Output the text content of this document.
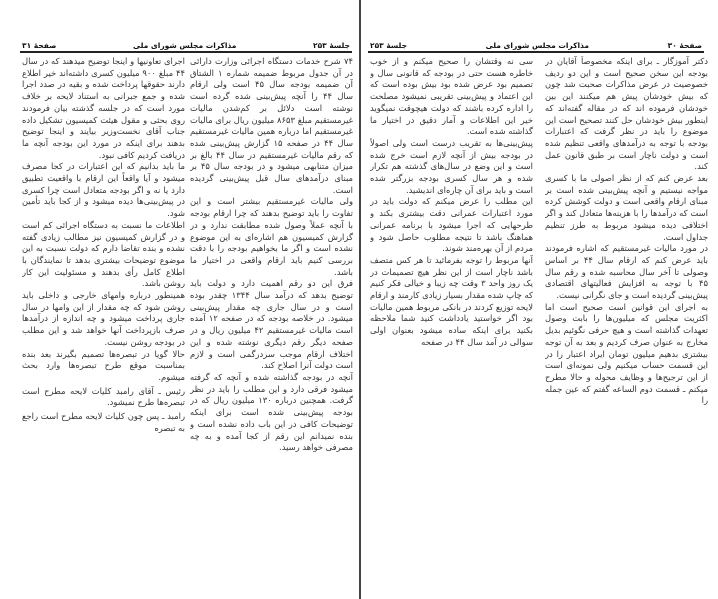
جلسهٔ ۲۵۳
مذاکرات مجلس شورای ملی
صفحهٔ ۳۱

۷۴ شرح خدمات دستگاه اجرائی وزارت دارائی در آن جدول مربوط ضمیمه شماره ۱ الشتاق آن ضمیمه بودجه سال ۴۵ است ولی ارقام سال ۴۴ را آنچه پیش‌بینی شده گرده است نوشته است دلائل بر کم‌شدن مالیات غیرمستقیم مبلغ ۸۶۵۳ میلیون ریال برای مالیات غیرمستقیم اما درباره همین مالیات غیرمستقیم سال ۴۴ در صفحه ۱۵ گزارش پیش‌بینی شده که رقم مالیات غیرمستقیم در سال ۴۴ بالغ بر میزان متنابهی میشود و در بودجه سال ۴۵ بر مبنای درآمدهای سال قبل پیش‌بینی گردیده است.

ولی مالیات غیرمستقیم بیشتر است و این تفاوت را باید توضیح بدهند که چرا ارقام بودجه با آنچه عملاً وصول شده مطابقت ندارد و در گزارش کمیسیون هم اشاره‌ای به این موضوع نشده است و اگر ما بخواهیم بودجه را با دقت بررسی کنیم باید ارقام واقعی در اختیار ما باشد.

فرق این دو رقم اهمیت دارد و دولت باید توضیح بدهد که درآمد سال ۱۳۴۴ چقدر بوده است و در سال جاری چه مقدار پیش‌بینی میشود. در خلاصه بودجه که در صفحه ۱۲ آمده است مالیات غیرمستقیم ۴۲ میلیون ریال و در صفحه دیگر رقم دیگری نوشته شده و این اختلاف ارقام موجب سردرگمی است و لازم است دولت آنرا اصلاح کند.

آنچه در بودجه گذاشته شده و آنچه که گرفته میشود فرقی دارد و این مطلب را باید در نظر گرفت. همچنین درباره ۱۳۰ میلیون ریال که در بودجه پیش‌بینی شده است برای اینکه توضیحات کافی در این باب داده نشده است و بنده نمیدانم این رقم از کجا آمده و به چه مصرفی خواهد رسید.

اجرای تعاونیها و اینجا توضیح میدهند که در سال ۴۴ مبلغ ۹۰۰ میلیون کسری داشته‌اند خیر اطلاع دارند حقوقها پرداخت شده و بقیه در صدد اجرا شده و جمع جبرانی به استناد لایحه بر خلاف مورد است که در جلسه گذشته بیان فرمودند روی بحثی و مقول هیئت کمیسیون تشکیل داده جناب آقای نخست‌وزیر بیایند و اینجا توضیح بدهند برای اینکه در مورد این بودجه آنچه ما دریافت کردیم کافی نبود.

ما باید بدانیم که این اعتبارات در کجا مصرف میشود و آیا واقعاً این ارقام با واقعیت تطبیق دارد یا نه و اگر بودجه متعادل است چرا کسری در پیش‌بینی‌ها دیده میشود و از کجا باید تأمین شود.

اطلاعات ما نسبت به دستگاه اجرائی کم است و در گزارش کمیسیون نیز مطالب زیادی گفته نشده و بنده تقاضا دارم که دولت نسبت به این موضوع توضیحات بیشتری بدهد تا نمایندگان با اطلاع کامل رأی بدهند و مسئولیت این کار روشن باشد.

همینطور درباره وامهای خارجی و داخلی باید روشن شود که چه مقدار از این وامها در سال جاری پرداخت میشود و چه اندازه از درآمدها صرف بازپرداخت آنها خواهد شد و این مطلب در بودجه روشن نیست.

حالا گویا در تبصره‌ها تصمیم بگیرند بعد بنده بمناسبت موقع طرح تبصره‌ها وارد بحث میشوم.

رئیس ـ آقای رامبد کلیات لایحه مطرح است تبصره‌ها طرح نمیشود.

رامبد ـ پس چون کلیات لایحه مطرح است راجع به تبصره

صفحهٔ ۳۰
مذاکرات مجلس شورای ملی
جلسهٔ ۲۵۳

دکتر آموزگار ـ برای اینکه مخصوصاً آقایان در بودجه این سخن صحیح است و این دو ردیف خصوصیت در عرض مذاکرات صحبت شد چون که بیش خودشان پیش هم میکنند این بین خودشان فرموده اند که در مقاله گفته‌اند که اینطور بیش خودشان حل کنند تصحیح است این موضوع را باید در نظر گرفت که اعتبارات بودجه با توجه به درآمدهای واقعی تنظیم شده است و دولت ناچار است بر طبق قانون عمل کند.

بعد عرض کنم که از نظر اصولی ما با کسری مواجه نیستیم و آنچه پیش‌بینی شده است بر مبنای ارقام واقعی است و دولت کوشش کرده است که درآمدها را با هزینه‌ها متعادل کند و اگر اختلافی دیده میشود مربوط به طرز تنظیم جداول است.

در مورد مالیات غیرمستقیم که اشاره فرمودند باید عرض کنم که ارقام سال ۴۴ بر اساس وصولی تا آخر سال محاسبه شده و رقم سال ۴۵ با توجه به افزایش فعالیتهای اقتصادی پیش‌بینی گردیده است و جای نگرانی نیست.

به اجرای این قوانین است صحیح است اما اکثریت مجلس که میلیون‌ها را بابت وصول تعهدات گذاشته است و هیچ حرفی نگوئیم بدیل مخارج به عنوان صرف کردیم و بعد به آن توجه بیشتری بدهیم میلیون تومان ایراد اعتبار را در این قسمت حساب میکنیم ولی نمونه‌ای است از این ترجیح‌ها و وظایف محوله و حالا مطرح میکنم ـ قسمت دوم الساعه گفتم که عین جمله را

سی نه وقتشان را صحیح میکنم و از خوب خاطره هست حتی در بودجه که قانونی سال و تصمیم بود عرض شده بود بیش بوده است که این اعتماد و پیش‌بینی تقریبی نمیشود مصلحت را اداره کرده باشند که دولت هیچوقت نمیگوید خیر این اطلاعات و آمار دقیق در اختیار ما گذاشته شده است.

پیش‌بینی‌ها به تقریب درست است ولی اصولاً در بودجه بیش از آنچه لازم است خرج شده است و این وضع در سال‌های گذشته هم تکرار شده و هر سال کسری بودجه بزرگتر شده است و باید برای آن چاره‌ای اندیشید.

این مطلب را عرض میکنم که دولت باید در مورد اعتبارات عمرانی دقت بیشتری بکند و طرحهایی که اجرا میشود با برنامه عمرانی هماهنگ باشد تا نتیجه مطلوب حاصل شود و مردم از آن بهره‌مند شوند.

آنها مربوط را توجه بفرمائید تا هر کس متصف باشد ناچار است از این نظر هیچ تصمیمات در یک روز واحد ۳ وقت چه زیبا و خیالی فکر کنیم که چاپ شده مقدار بسیار زیادی کارمند و ارقام لایحه توزیع کردند در بانکی مربوط همین مالیات بود اگر خواستید یادداشت کنید شما ملاحظه بکنید برای اینکه ساده میشود بعنوان اولی سوالی در آمد سال ۴۴ در صفحه
